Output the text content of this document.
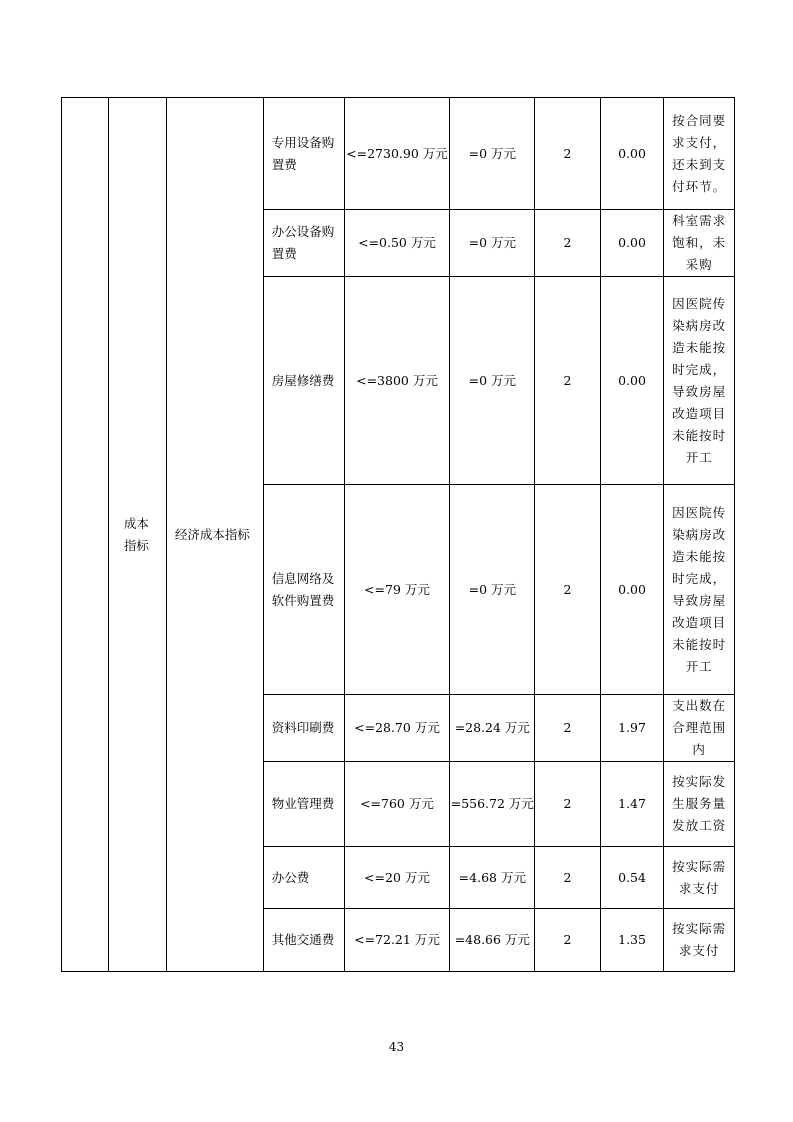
	成本指标	经济成本指标	专用设备购置费	<=2730.90 万元	=0 万元	2	0.00	按合同要求支付，还未到支付环节。
			办公设备购置费	<=0.50 万元	=0 万元	2	0.00	科室需求饱和，未采购
			房屋修缮费	<=3800 万元	=0 万元	2	0.00	因医院传染病房改造未能按时完成，导致房屋改造项目未能按时开工
			信息网络及软件购置费	<=79 万元	=0 万元	2	0.00	因医院传染病房改造未能按时完成，导致房屋改造项目未能按时开工
			资料印刷费	<=28.70 万元	=28.24 万元	2	1.97	支出数在合理范围内
			物业管理费	<=760 万元	=556.72 万元	2	1.47	按实际发生服务量发放工资
			办公费	<=20 万元	=4.68 万元	2	0.54	按实际需求支付
			其他交通费	<=72.21 万元	=48.66 万元	2	1.35	按实际需求支付
43
